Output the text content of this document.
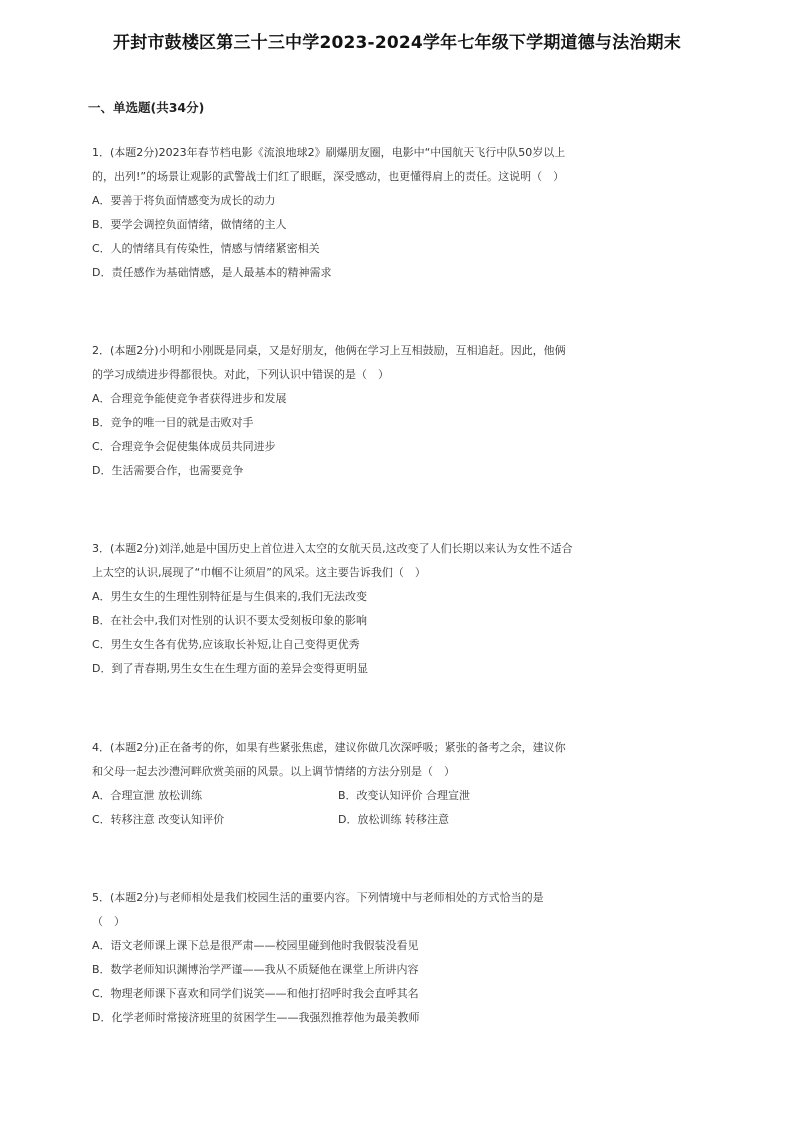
开封市鼓楼区第三十三中学2023-2024学年七年级下学期道德与法治期末
一、单选题(共34分)
1．(本题2分)2023年春节档电影《流浪地球2》刷爆朋友圈，电影中“中国航天飞行中队50岁以上
的，出列!”的场景让观影的武警战士们红了眼眶，深受感动，也更懂得肩上的责任。这说明（　）
A．要善于将负面情感变为成长的动力
B．要学会调控负面情绪，做情绪的主人
C．人的情绪具有传染性，情感与情绪紧密相关
D．责任感作为基础情感，是人最基本的精神需求
2．(本题2分)小明和小刚既是同桌，又是好朋友，他俩在学习上互相鼓励，互相追赶。因此，他俩
的学习成绩进步得都很快。对此，下列认识中错误的是（　）
A．合理竞争能使竞争者获得进步和发展
B．竞争的唯一目的就是击败对手
C．合理竞争会促使集体成员共同进步
D．生活需要合作，也需要竞争
3．(本题2分)刘洋,她是中国历史上首位进入太空的女航天员,这改变了人们长期以来认为女性不适合
上太空的认识,展现了“巾帼不让须眉”的风采。这主要告诉我们（　）
A．男生女生的生理性别特征是与生俱来的,我们无法改变
B．在社会中,我们对性别的认识不要太受刻板印象的影响
C．男生女生各有优势,应该取长补短,让自己变得更优秀
D．到了青春期,男生女生在生理方面的差异会变得更明显
4．(本题2分)正在备考的你，如果有些紧张焦虑，建议你做几次深呼吸；紧张的备考之余，建议你
和父母一起去沙澧河畔欣赏美丽的风景。以上调节情绪的方法分别是（　）
A．合理宣泄 放松训练	B．改变认知评价 合理宣泄
C．转移注意 改变认知评价	D．放松训练 转移注意
5．(本题2分)与老师相处是我们校园生活的重要内容。下列情境中与老师相处的方式恰当的是
（　）
A．语文老师课上课下总是很严肃——校园里碰到他时我假装没看见
B．数学老师知识渊博治学严谨——我从不质疑他在课堂上所讲内容
C．物理老师课下喜欢和同学们说笑——和他打招呼时我会直呼其名
D．化学老师时常接济班里的贫困学生——我强烈推荐他为最美教师
